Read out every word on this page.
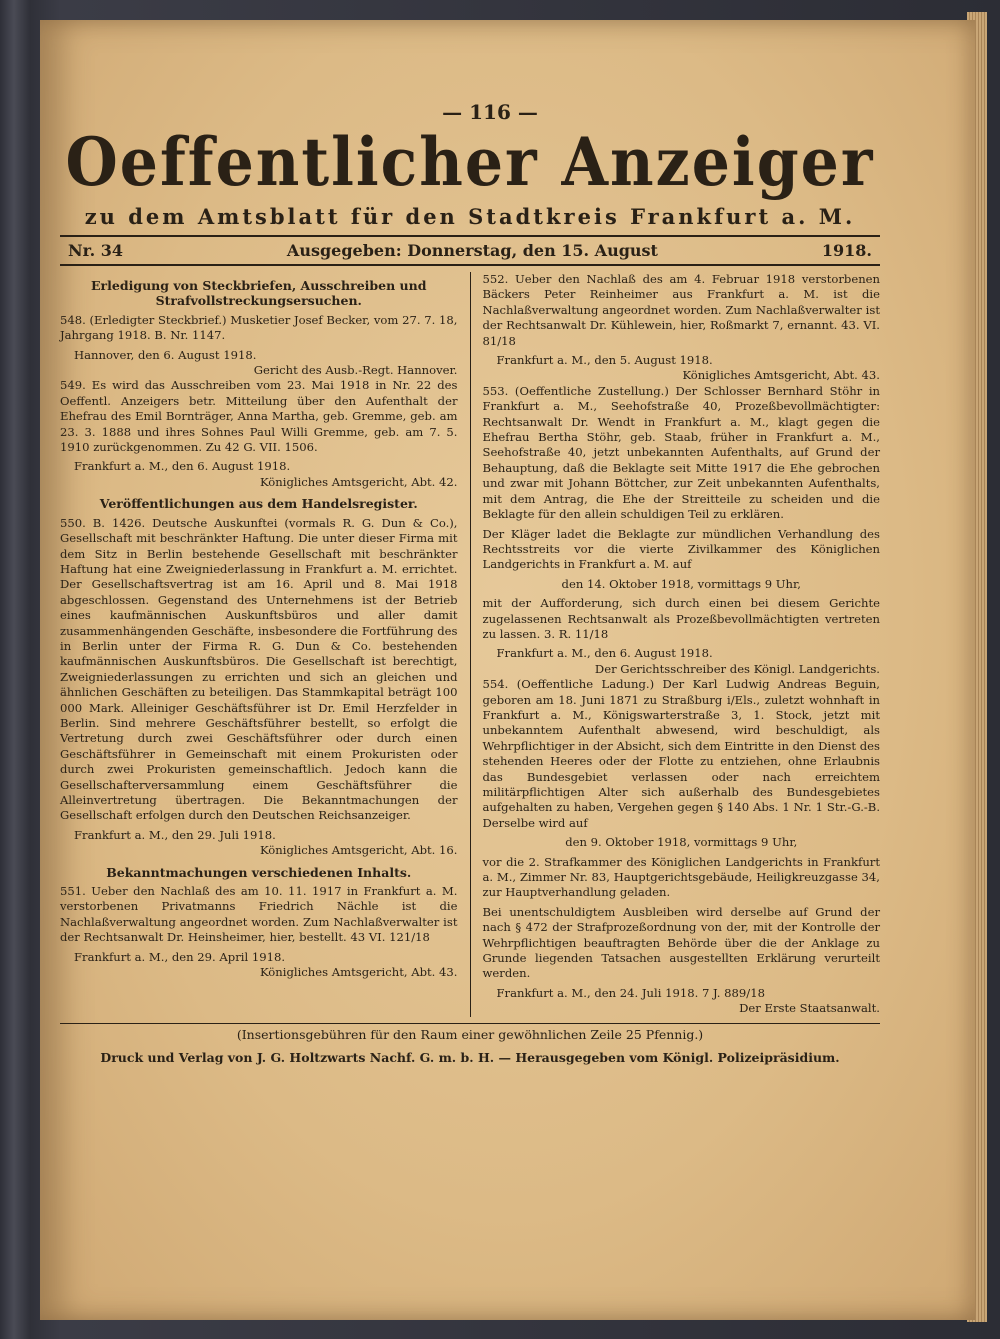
— 116 —
Oeffentlicher Anzeiger
zu dem Amtsblatt für den Stadtkreis Frankfurt a. M.
Nr. 34	Ausgegeben: Donnerstag, den 15. August	1918.
Erledigung von Steckbriefen, Ausschreiben und Strafvollstreckungsersuchen.

548. (Erledigter Steckbrief.) Musketier Josef Becker, vom 27. 7. 18, Jahrgang 1918. B. Nr. 1147.

Hannover, den 6. August 1918.

Gericht des Ausb.-Regt. Hannover.

549. Es wird das Ausschreiben vom 23. Mai 1918 in Nr. 22 des Oeffentl. Anzeigers betr. Mitteilung über den Aufenthalt der Ehefrau des Emil Bornträger, Anna Martha, geb. Gremme, geb. am 23. 3. 1888 und ihres Sohnes Paul Willi Gremme, geb. am 7. 5. 1910 zurückgenommen. Zu 42 G. VII. 1506.

Frankfurt a. M., den 6. August 1918.

Königliches Amtsgericht, Abt. 42.

Veröffentlichungen aus dem Handelsregister.

550. B. 1426. Deutsche Auskunftei (vormals R. G. Dun & Co.), Gesellschaft mit beschränkter Haftung. Die unter dieser Firma mit dem Sitz in Berlin bestehende Gesellschaft mit beschränkter Haftung hat eine Zweigniederlassung in Frankfurt a. M. errichtet. Der Gesellschaftsvertrag ist am 16. April und 8. Mai 1918 abgeschlossen. Gegenstand des Unternehmens ist der Betrieb eines kaufmännischen Auskunftsbüros und aller damit zusammenhängenden Geschäfte, insbesondere die Fortführung des in Berlin unter der Firma R. G. Dun & Co. bestehenden kaufmännischen Auskunftsbüros. Die Gesellschaft ist berechtigt, Zweigniederlassungen zu errichten und sich an gleichen und ähnlichen Geschäften zu beteiligen. Das Stammkapital beträgt 100 000 Mark. Alleiniger Geschäftsführer ist Dr. Emil Herzfelder in Berlin. Sind mehrere Geschäftsführer bestellt, so erfolgt die Vertretung durch zwei Geschäftsführer oder durch einen Geschäftsführer in Gemeinschaft mit einem Prokuristen oder durch zwei Prokuristen gemeinschaftlich. Jedoch kann die Gesellschafterversammlung einem Geschäftsführer die Alleinvertretung übertragen. Die Bekanntmachungen der Gesellschaft erfolgen durch den Deutschen Reichsanzeiger.

Frankfurt a. M., den 29. Juli 1918.

Königliches Amtsgericht, Abt. 16.

Bekanntmachungen verschiedenen Inhalts.

551. Ueber den Nachlaß des am 10. 11. 1917 in Frankfurt a. M. verstorbenen Privatmanns Friedrich Nächle ist die Nachlaßverwaltung angeordnet worden. Zum Nachlaßverwalter ist der Rechtsanwalt Dr. Heinsheimer, hier, bestellt. 43 VI. 121/18

Frankfurt a. M., den 29. April 1918.

Königliches Amtsgericht, Abt. 43.

552. Ueber den Nachlaß des am 4. Februar 1918 verstorbenen Bäckers Peter Reinheimer aus Frankfurt a. M. ist die Nachlaßverwaltung angeordnet worden. Zum Nachlaßverwalter ist der Rechtsanwalt Dr. Kühlewein, hier, Roßmarkt 7, ernannt. 43. VI. 81/18

Frankfurt a. M., den 5. August 1918.

Königliches Amtsgericht, Abt. 43.

553. (Oeffentliche Zustellung.) Der Schlosser Bernhard Stöhr in Frankfurt a. M., Seehofstraße 40, Prozeßbevollmächtigter: Rechtsanwalt Dr. Wendt in Frankfurt a. M., klagt gegen die Ehefrau Bertha Stöhr, geb. Staab, früher in Frankfurt a. M., Seehofstraße 40, jetzt unbekannten Aufenthalts, auf Grund der Behauptung, daß die Beklagte seit Mitte 1917 die Ehe gebrochen und zwar mit Johann Böttcher, zur Zeit unbekannten Aufenthalts, mit dem Antrag, die Ehe der Streitteile zu scheiden und die Beklagte für den allein schuldigen Teil zu erklären.

Der Kläger ladet die Beklagte zur mündlichen Verhandlung des Rechtsstreits vor die vierte Zivilkammer des Königlichen Landgerichts in Frankfurt a. M. auf

den 14. Oktober 1918, vormittags 9 Uhr,

mit der Aufforderung, sich durch einen bei diesem Gerichte zugelassenen Rechtsanwalt als Prozeßbevollmächtigten vertreten zu lassen. 3. R. 11/18

Frankfurt a. M., den 6. August 1918.

Der Gerichtsschreiber des Königl. Landgerichts.

554. (Oeffentliche Ladung.) Der Karl Ludwig Andreas Beguin, geboren am 18. Juni 1871 zu Straßburg i/Els., zuletzt wohnhaft in Frankfurt a. M., Königswarterstraße 3, 1. Stock, jetzt mit unbekanntem Aufenthalt abwesend, wird beschuldigt, als Wehrpflichtiger in der Absicht, sich dem Eintritte in den Dienst des stehenden Heeres oder der Flotte zu entziehen, ohne Erlaubnis das Bundesgebiet verlassen oder nach erreichtem militärpflichtigen Alter sich außerhalb des Bundesgebietes aufgehalten zu haben, Vergehen gegen § 140 Abs. 1 Nr. 1 Str.-G.-B. Derselbe wird auf

den 9. Oktober 1918, vormittags 9 Uhr,

vor die 2. Strafkammer des Königlichen Landgerichts in Frankfurt a. M., Zimmer Nr. 83, Hauptgerichtsgebäude, Heiligkreuzgasse 34, zur Hauptverhandlung geladen.

Bei unentschuldigtem Ausbleiben wird derselbe auf Grund der nach § 472 der Strafprozeßordnung von der, mit der Kontrolle der Wehrpflichtigen beauftragten Behörde über die der Anklage zu Grunde liegenden Tatsachen ausgestellten Erklärung verurteilt werden.

Frankfurt a. M., den 24. Juli 1918. 7 J. 889/18

Der Erste Staatsanwalt.

(Insertionsgebühren für den Raum einer gewöhnlichen Zeile 25 Pfennig.)
Druck und Verlag von J. G. Holtzwarts Nachf. G. m. b. H. — Herausgegeben vom Königl. Polizeipräsidium.
